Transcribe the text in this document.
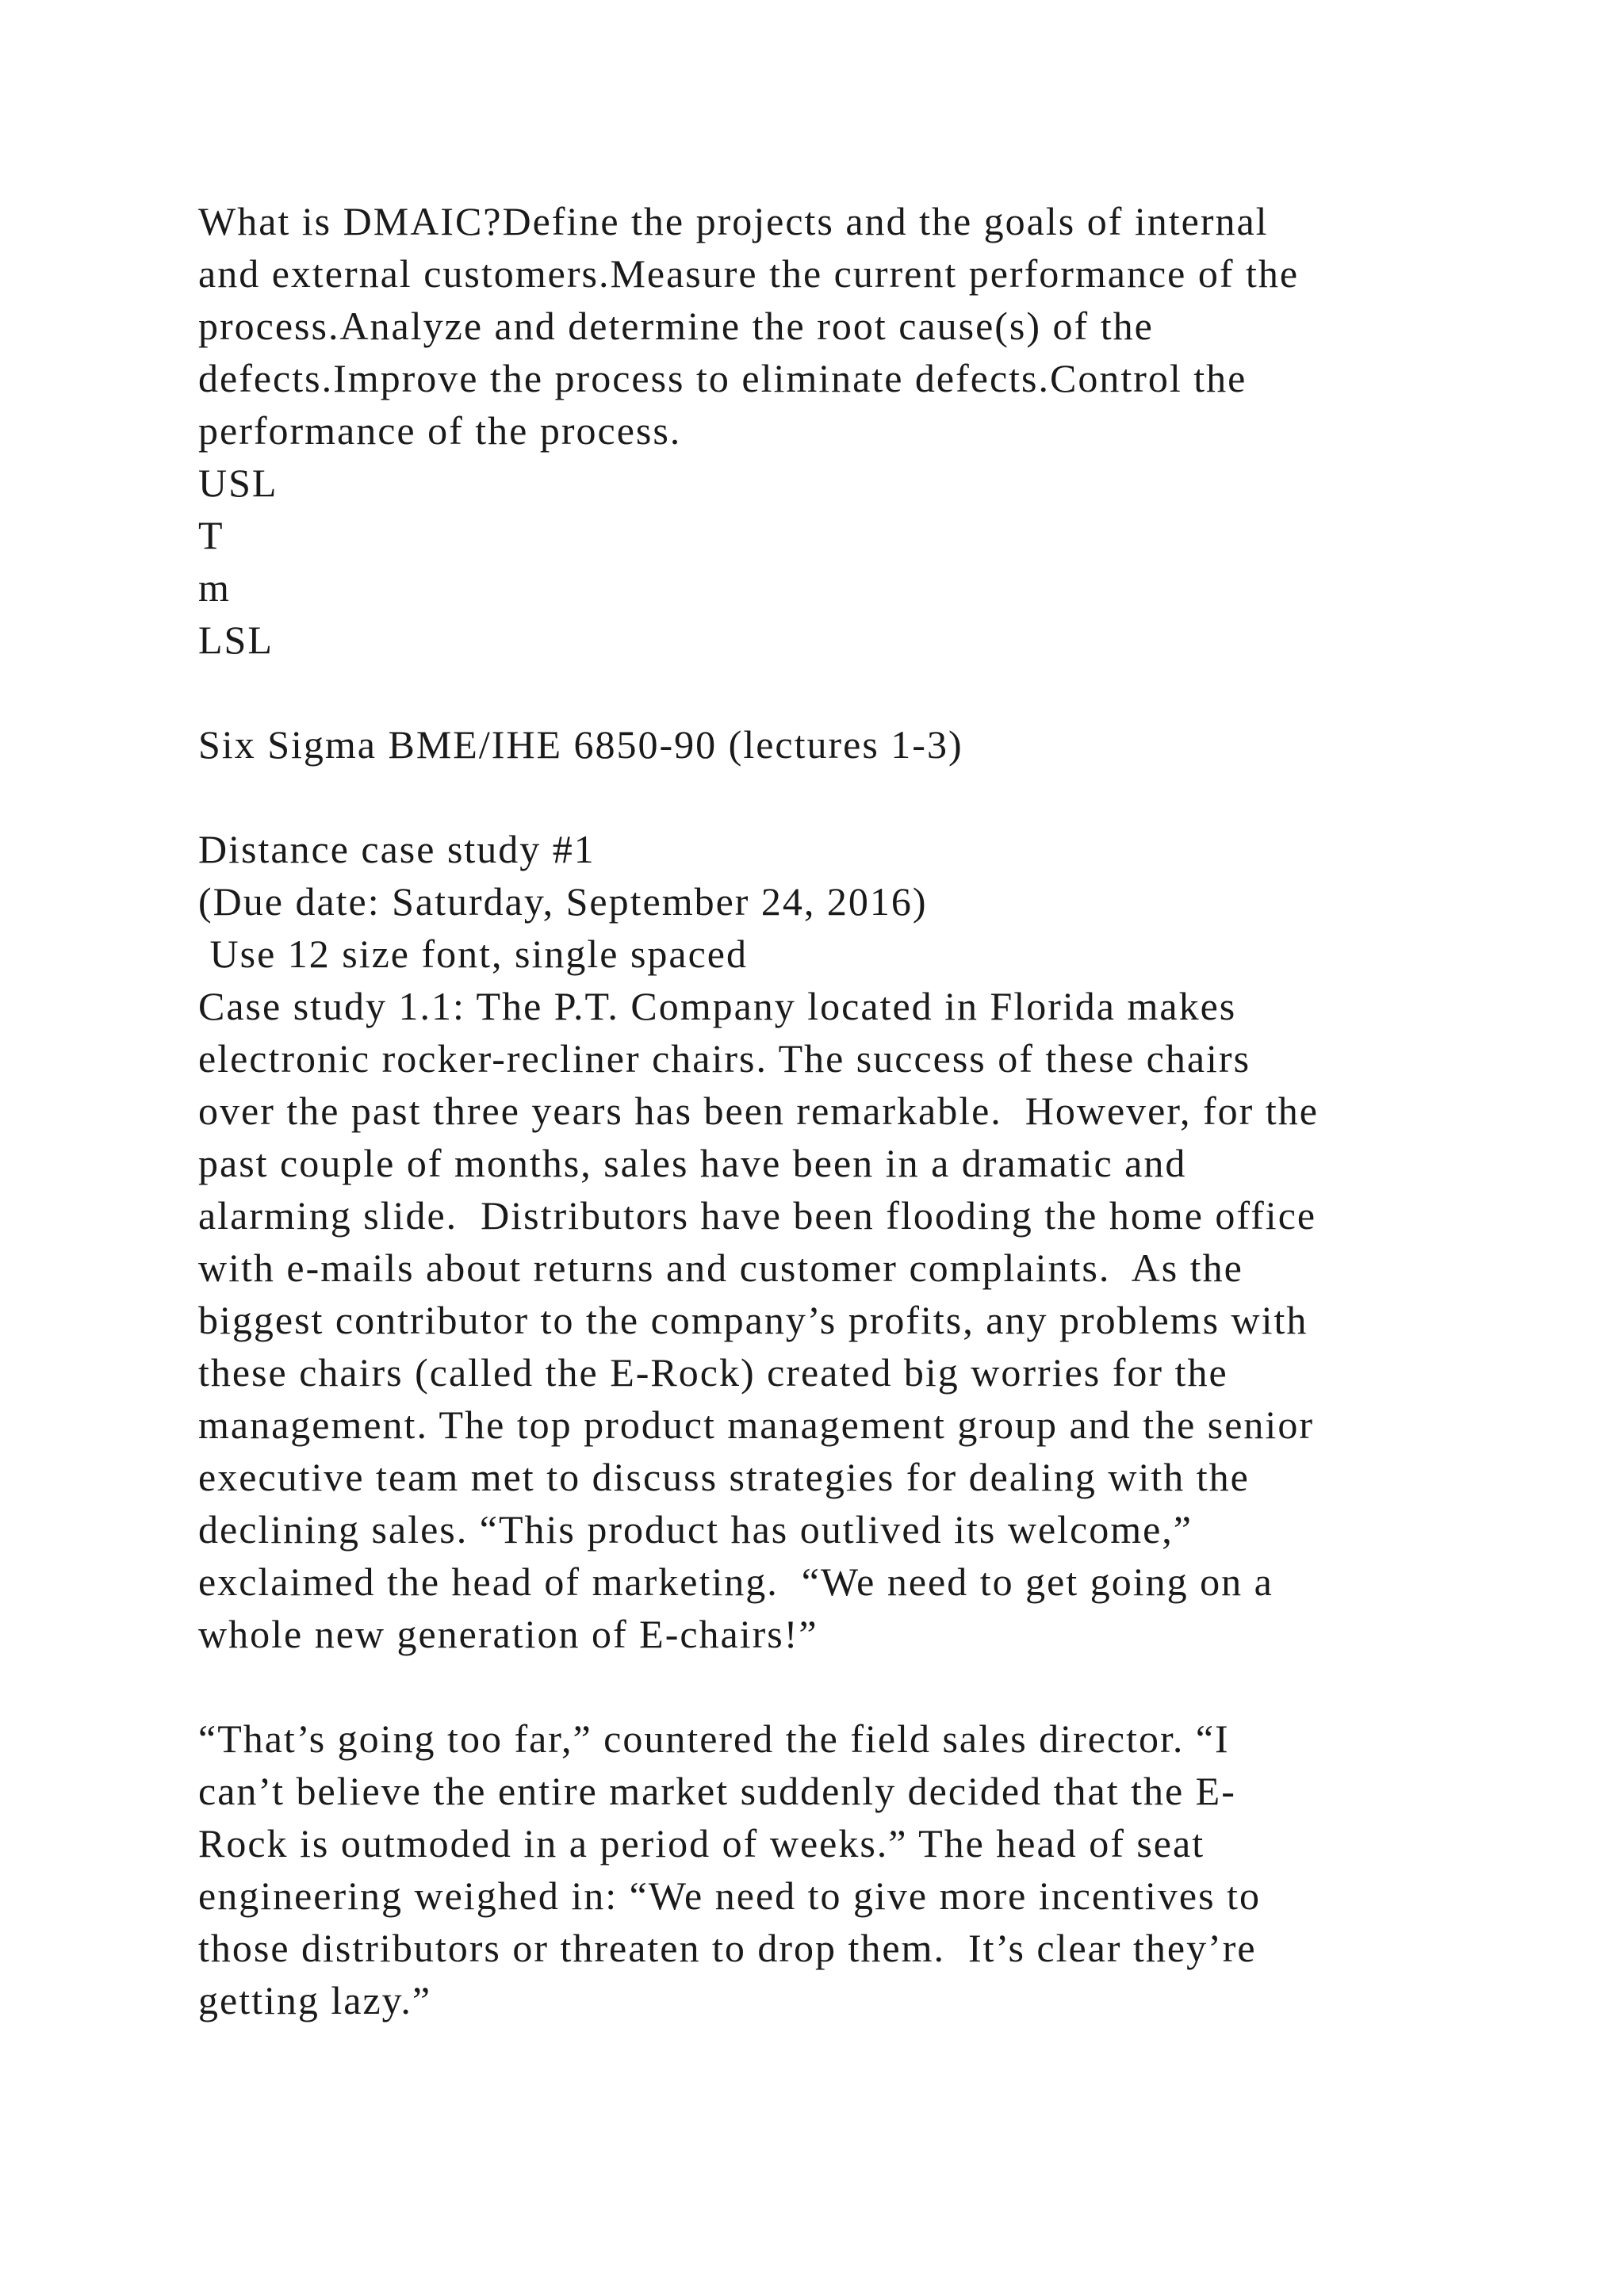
What is DMAIC?Define the projects and the goals of internal
and external customers.Measure the current performance of the
process.Analyze and determine the root cause(s) of the
defects.Improve the process to eliminate defects.Control the
performance of the process.
USL
T
m
LSL
Six Sigma BME/IHE 6850-90 (lectures 1-3)
Distance case study #1
(Due date: Saturday, September 24, 2016)
Use 12 size font, single spaced
Case study 1.1: The P.T. Company located in Florida makes
electronic rocker-recliner chairs. The success of these chairs
over the past three years has been remarkable.  However, for the
past couple of months, sales have been in a dramatic and
alarming slide.  Distributors have been flooding the home office
with e-mails about returns and customer complaints.  As the
biggest contributor to the company’s profits, any problems with
these chairs (called the E-Rock) created big worries for the
management. The top product management group and the senior
executive team met to discuss strategies for dealing with the
declining sales. “This product has outlived its welcome,”
exclaimed the head of marketing.  “We need to get going on a
whole new generation of E-chairs!”
“That’s going too far,” countered the field sales director. “I
can’t believe the entire market suddenly decided that the E-
Rock is outmoded in a period of weeks.” The head of seat
engineering weighed in: “We need to give more incentives to
those distributors or threaten to drop them.  It’s clear they’re
getting lazy.”
